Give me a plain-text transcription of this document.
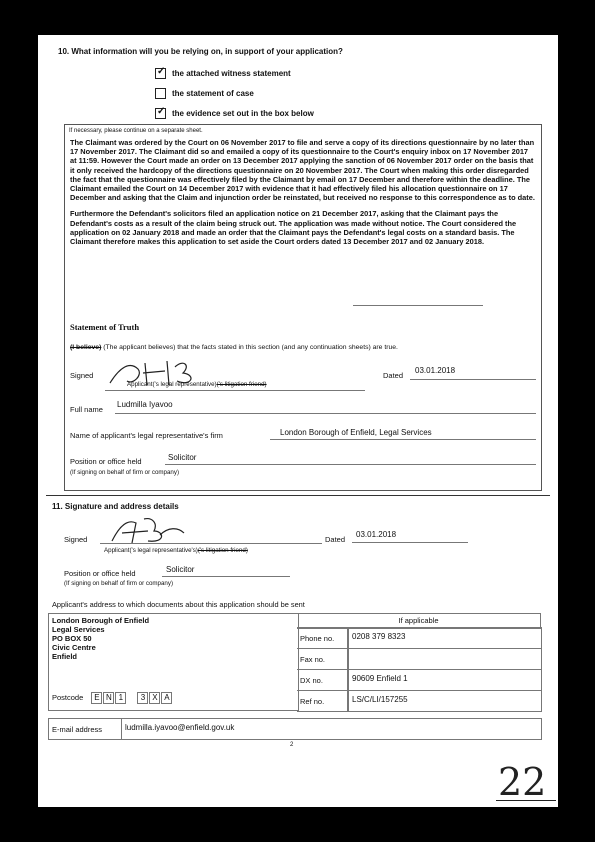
10. What information will you be relying on, in support of your application?
✓
the attached witness statement
the statement of case
✓
the evidence set out in the box below
If necessary, please continue on a separate sheet.

The Claimant was ordered by the Court on 06 November 2017 to file and serve a copy of its directions questionnaire by no later than 17 November 2017. The Claimant did so and emailed a copy of its questionnaire to the Court's enquiry inbox on 17 November 2017 at 11:59. However the Court made an order on 13 December 2017 applying the sanction of 06 November 2017 order on the basis that it only received the hardcopy of the directions questionnaire on 20 November 2017. The Court when making this order disregarded the fact that the questionnaire was effectively filed by the Claimant by email on 17 December and therefore within the deadline. The Claimant emailed the Court on 14 December 2017 with evidence that it had effectively filed his allocation questionnaire on 17 December and asking that the Claim and injunction order be reinstated, but received no response to this correspondence as to date.

Furthermore the Defendant's solicitors filed an application notice on 21 December 2017, asking that the Claimant pays the Defendant's costs as a result of the claim being struck out. The application was made without notice. The Court considered the application on 02 January 2018 and made an order that the Claimant pays the Defendant's legal costs on a standard basis. The Claimant therefore makes this application to set aside the Court orders dated 13 December 2017 and 02 January 2018.

Statement of Truth
(I believe) (The applicant believes) that the facts stated in this section (and any continuation sheets) are true.
Signed
Applicant('s legal representative)('s litigation friend)
Dated
03.01.2018
Full name
Ludmilla Iyavoo
Name of applicant's legal representative's firm	London Borough of Enfield, Legal Services
Position or office held	Solicitor
(If signing on behalf of firm or company)
11. Signature and address details
Signed
Applicant('s legal representative's)('s litigation friend)
Dated
03.01.2018
Position or office held	Solicitor
(If signing on behalf of firm or company)
Applicant's address to which documents about this application should be sent
London Borough of Enfield
Legal Services
PO BOX 50
Civic Centre
Enfield
Postcode E N 1 3 X A
If applicable
Phone no.	0208 379 8323
Fax no.
DX no.	90609 Enfield 1
Ref no.	LS/C/LI/157255
E-mail address	ludmilla.iyavoo@enfield.gov.uk
2
22
